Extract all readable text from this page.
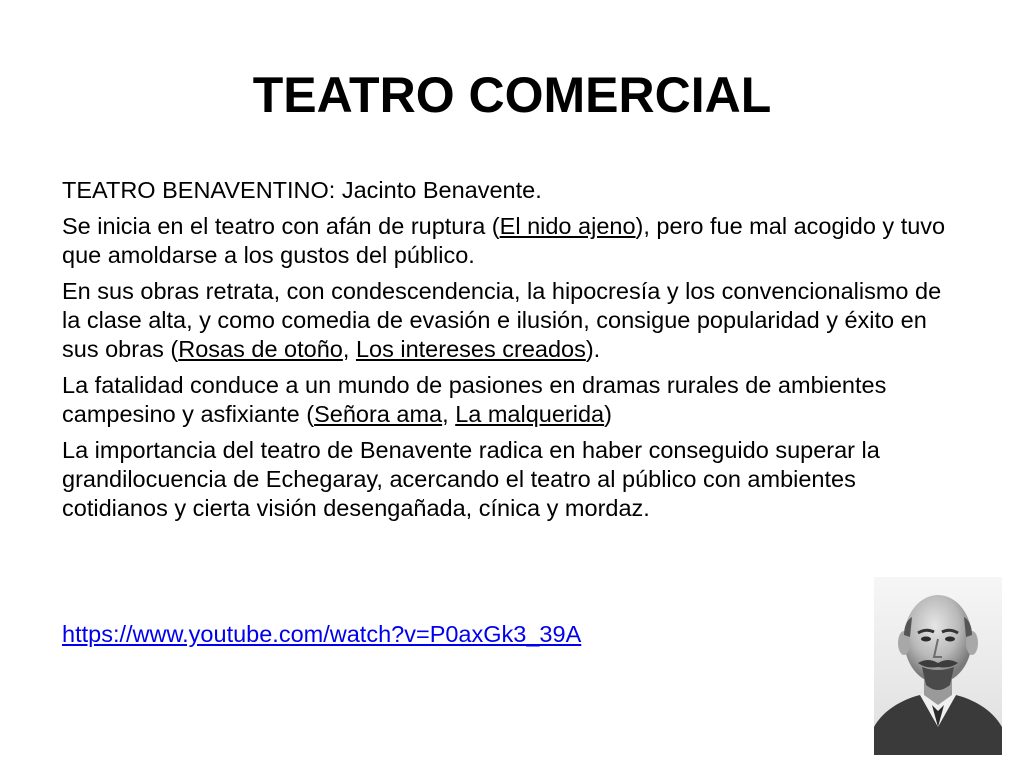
TEATRO COMERCIAL

TEATRO BENAVENTINO: Jacinto Benavente.

Se inicia en el teatro con afán de ruptura (El nido ajeno), pero fue mal acogido y tuvo que amoldarse a los gustos del público.

En sus obras retrata, con condescendencia, la hipocresía y los convencionalismo de la clase alta, y como comedia de evasión e ilusión, consigue popularidad y éxito en sus obras (Rosas de otoño, Los intereses creados).

La fatalidad conduce a un mundo de pasiones en dramas rurales de ambientes campesino y asfixiante (Señora ama, La malquerida)

La importancia del teatro de Benavente radica en haber conseguido superar la grandilocuencia de Echegaray, acercando el teatro al público con ambientes cotidianos y cierta visión desengañada, cínica y mordaz.

https://www.youtube.com/watch?v=P0axGk3_39A
